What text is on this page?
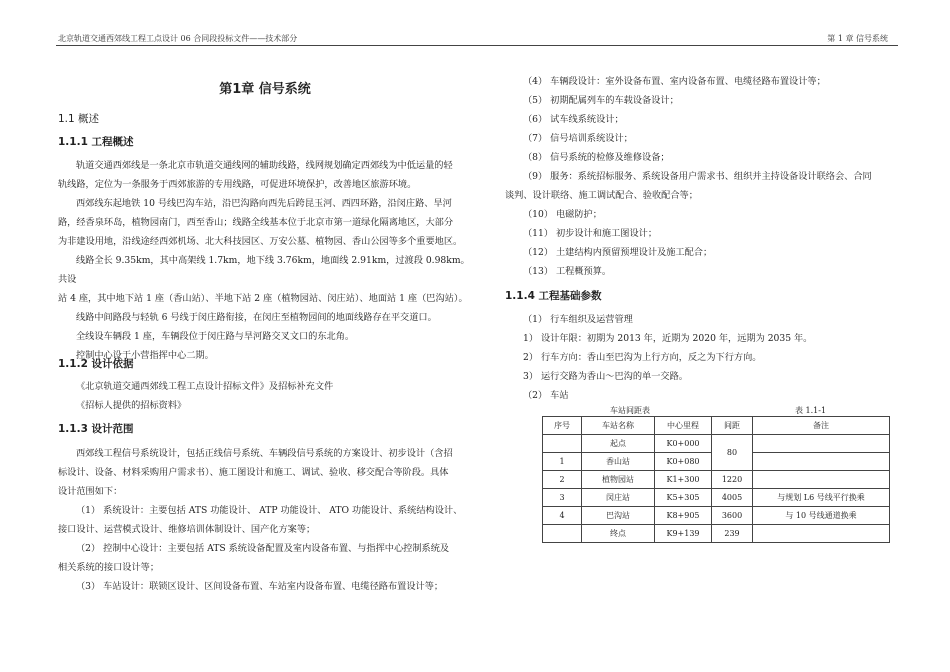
北京轨道交通西郊线工程工点设计 06 合同段投标文件——技术部分	第 1 章 信号系统
第1章 信号系统
1.1 概述
1.1.1 工程概述
轨道交通西郊线是一条北京市轨道交通线网的辅助线路，线网规划确定西郊线为中低运量的轻
轨线路，定位为一条服务于西郊旅游的专用线路，可促进环境保护，改善地区旅游环境。
西郊线东起地铁 10 号线巴沟车站，沿巴沟路向西先后跨昆玉河、西四环路，沿闵庄路、旱河
路，经香泉环岛，植物园南门，西至香山；线路全线基本位于北京市第一道绿化隔离地区，大部分
为非建设用地，沿线途经西郊机场、北大科技园区、万安公墓、植物园、香山公园等多个重要地区。
线路全长 9.35km，其中高架线 1.7km，地下线 3.76km，地面线 2.91km，过渡段 0.98km。共设
站 4 座，其中地下站 1 座（香山站）、半地下站 2 座（植物园站、闵庄站）、地面站 1 座（巴沟站）。
线路中间路段与轻轨 6 号线于闵庄路衔接，在闵庄至植物园间的地面线路存在平交道口。
全线设车辆段 1 座，车辆段位于闵庄路与旱河路交叉文口的东北角。
控制中心设于小营指挥中心二期。
1.1.2 设计依据
《北京轨道交通西郊线工程工点设计招标文件》及招标补充文件
《招标人提供的招标资料》
1.1.3 设计范围
西郊线工程信号系统设计，包括正线信号系统、车辆段信号系统的方案设计、初步设计（含招
标设计、设备、材料采购用户需求书）、施工图设计和施工、调试、验收、移交配合等阶段。具体
设计范围如下：
（1） 系统设计：主要包括 ATS 功能设计、 ATP 功能设计、 ATO 功能设计、系统结构设计、
接口设计、运营模式设计、维修培训体制设计、国产化方案等；
（2） 控制中心设计：主要包括 ATS 系统设备配置及室内设备布置、与指挥中心控制系统及
相关系统的接口设计等；
（3） 车站设计：联锁区设计、区间设备布置、车站室内设备布置、电缆径路布置设计等；
（4） 车辆段设计：室外设备布置、室内设备布置、电缆径路布置设计等；
（5） 初期配属列车的车载设备设计；
（6） 试车线系统设计；
（7） 信号培训系统设计；
（8） 信号系统的检修及维修设备；
（9） 服务：系统招标服务、系统设备用户需求书、组织并主持设备设计联络会、合同
谈判、设计联络、施工调试配合、验收配合等；
（10） 电磁防护；
（11） 初步设计和施工图设计；
（12） 土建结构内预留预埋设计及施工配合；
（13） 工程概预算。
1.1.4 工程基础参数
（1） 行车组织及运营管理
1） 设计年限：初期为 2013 年，近期为 2020 年，远期为 2035 年。
2） 行车方向：香山至巴沟为上行方向，反之为下行方向。
3） 运行交路为香山～巴沟的单一交路。
（2） 车站
车站间距表	表 1.1-1
序号	车站名称	中心里程	间距	备注
	起点	K0+000	80	
1	香山站	K0+080		
2	植物园站	K1+300	1220	
3	闵庄站	K5+305	4005	与规划 L6 号线平行换乘
4	巴沟站	K8+905	3600	与 10 号线通道换乘
	终点	K9+139	239	
